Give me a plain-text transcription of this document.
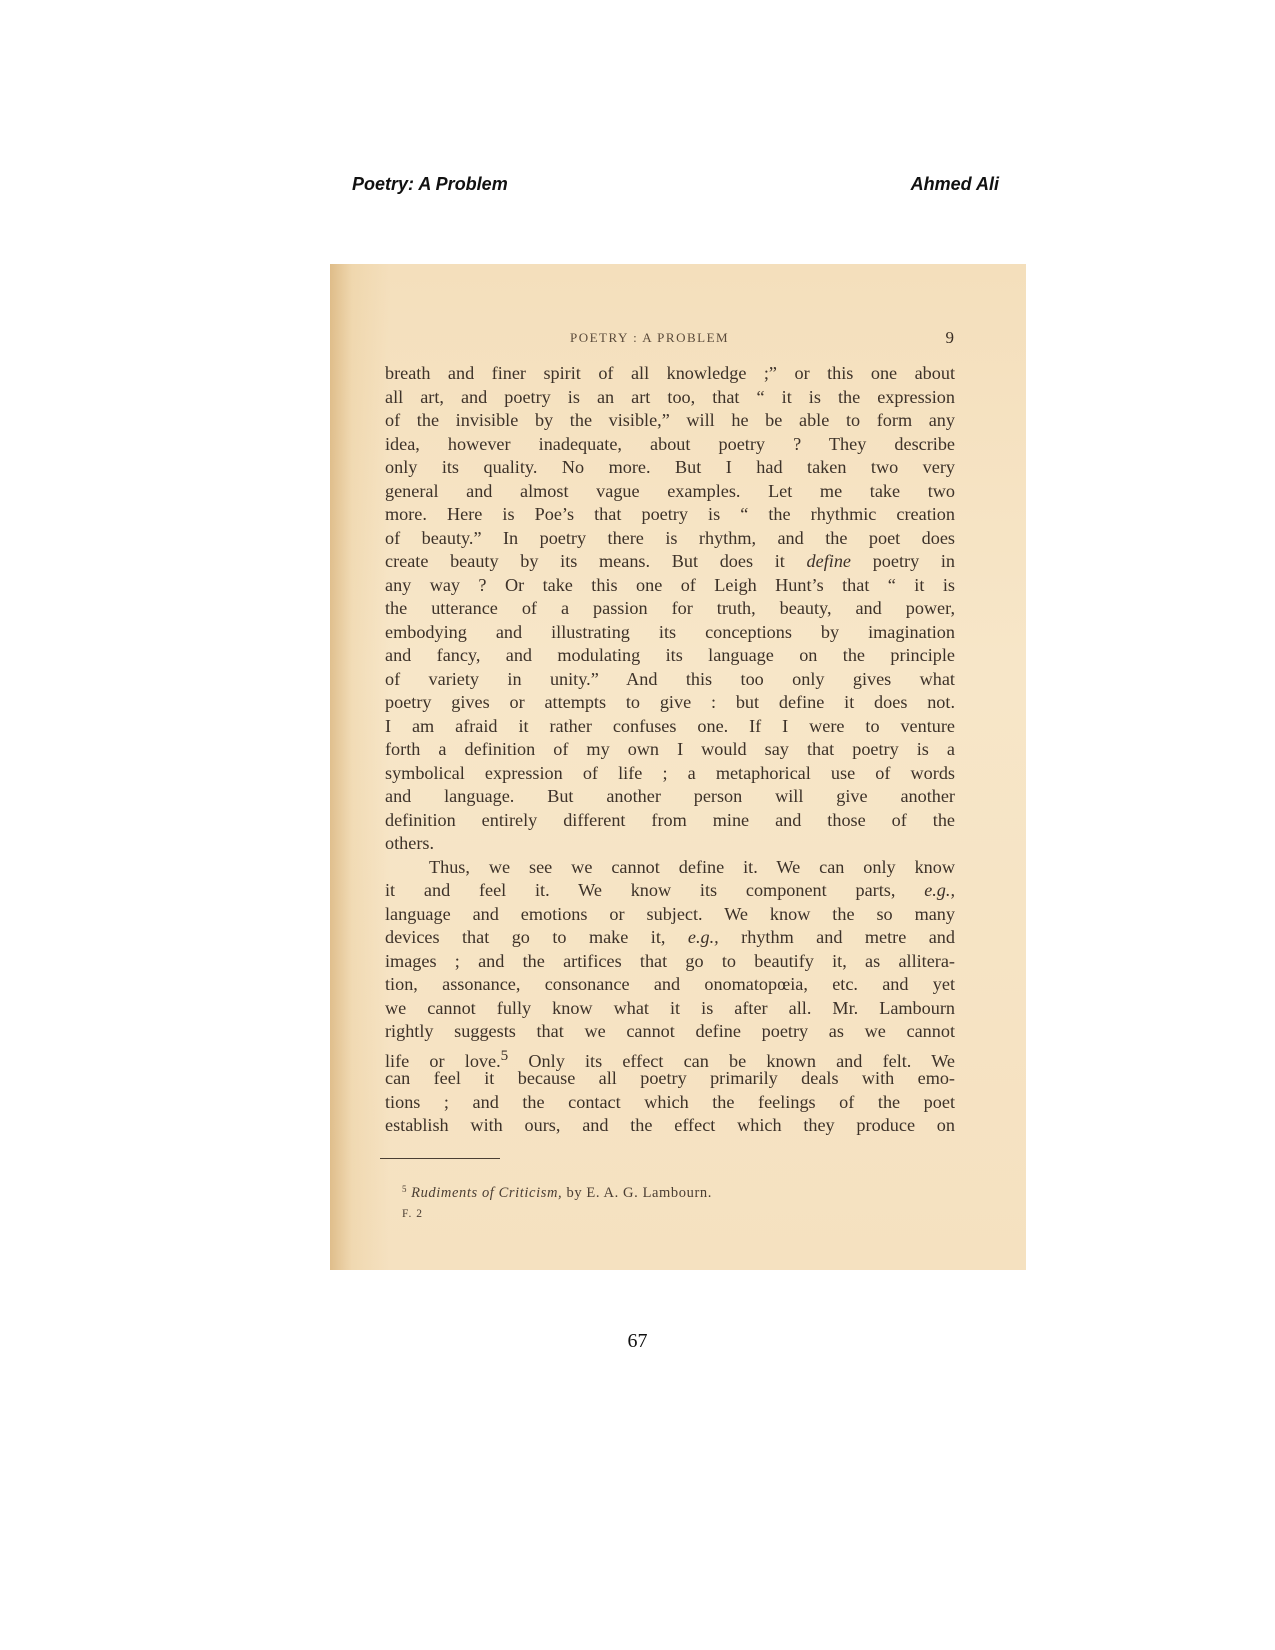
Poetry: A Problem	Ahmed Ali
POETRY : A PROBLEM	9
breath and finer spirit of all knowledge ;” or this one about
all art, and poetry is an art too, that “ it is the expression
of the invisible by the visible,” will he be able to form any
idea, however inadequate, about poetry ? They describe
only its quality. No more. But I had taken two very
general and almost vague examples. Let me take two
more. Here is Poe’s that poetry is “ the rhythmic creation
of beauty.” In poetry there is rhythm, and the poet does
create beauty by its means. But does it define poetry in
any way ? Or take this one of Leigh Hunt’s that “ it is
the utterance of a passion for truth, beauty, and power,
embodying and illustrating its conceptions by imagination
and fancy, and modulating its language on the principle
of variety in unity.” And this too only gives what
poetry gives or attempts to give : but define it does not.
I am afraid it rather confuses one. If I were to venture
forth a definition of my own I would say that poetry is a
symbolical expression of life ; a metaphorical use of words
and language. But another person will give another
definition entirely different from mine and those of the
others.
Thus, we see we cannot define it. We can only know
it and feel it. We know its component parts, e.g.,
language and emotions or subject. We know the so many
devices that go to make it, e.g., rhythm and metre and
images ; and the artifices that go to beautify it, as allitera-
tion, assonance, consonance and onomatopœia, etc. and yet
we cannot fully know what it is after all. Mr. Lambourn
rightly suggests that we cannot define poetry as we cannot
life or love.$^5$ Only its effect can be known and felt. We
can feel it because all poetry primarily deals with emo-
tions ; and the contact which the feelings of the poet
establish with ours, and the effect which they produce on
$^5$ Rudiments of Criticism, by E. A. G. Lambourn.
F. 2
67
